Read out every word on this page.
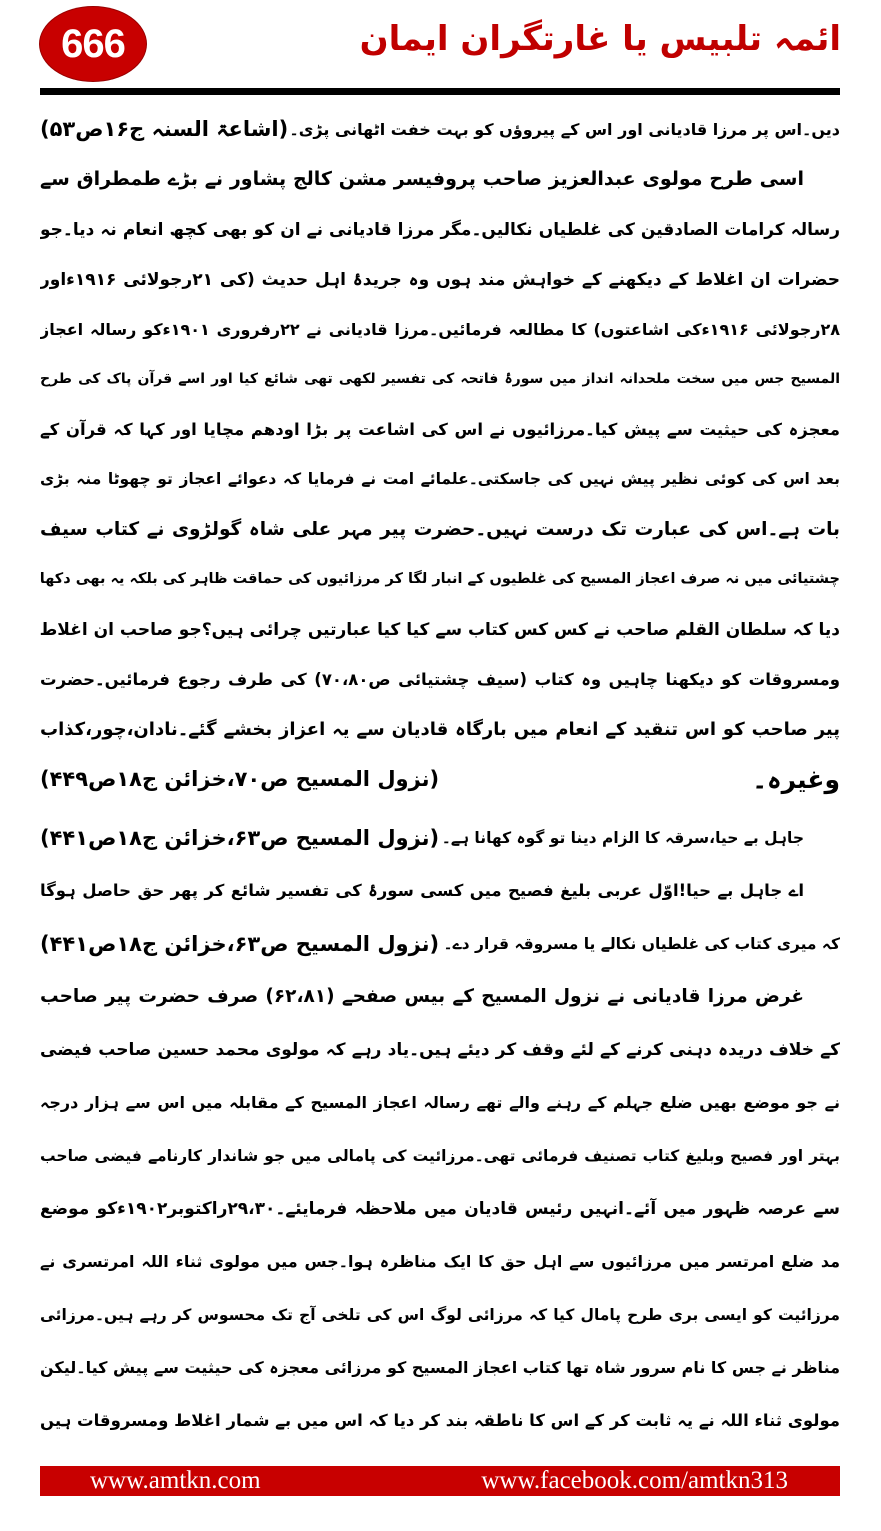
666	ائمہ تلبیس یا غارتگران ایمان
دیں۔اس پر مرزا قادیانی اور اس کے پیروؤں کو بہت خفت اٹھانی پڑی۔
(اشاعۃ السنہ ج۱۶ص۵۳)
اسی طرح مولوی عبدالعزیز صاحب پروفیسر مشن کالج پشاور نے بڑے طمطراق سے
رسالہ کرامات الصادقین کی غلطیاں نکالیں۔مگر مرزا قادیانی نے ان کو بھی کچھ انعام نہ دیا۔جو
حضرات ان اغلاط کے دیکھنے کے خواہش مند ہوں وہ جریدۂ اہل حدیث (کی ۲۱رجولائی ۱۹۱۶ءاور
۲۸رجولائی ۱۹۱۶ءکی اشاعتوں) کا مطالعہ فرمائیں۔مرزا قادیانی نے ۲۲رفروری ۱۹۰۱ءکو رسالہ اعجاز
المسیح جس میں سخت ملحدانہ انداز میں سورۂ فاتحہ کی تفسیر لکھی تھی شائع کیا اور اسے قرآن پاک کی طرح
معجزہ کی حیثیت سے پیش کیا۔مرزائیوں نے اس کی اشاعت پر بڑا اودھم مچایا اور کہا کہ قرآن کے
بعد اس کی کوئی نظیر پیش نہیں کی جاسکتی۔علمائے امت نے فرمایا کہ دعوائے اعجاز تو چھوٹا منہ بڑی
بات ہے۔اس کی عبارت تک درست نہیں۔حضرت پیر مہر علی شاہ گولڑوی نے کتاب سیف
چشتیائی میں نہ صرف اعجاز المسیح کی غلطیوں کے انبار لگا کر مرزائیوں کی حماقت ظاہر کی بلکہ یہ بھی دکھا
دیا کہ سلطان القلم صاحب نے کس کس کتاب سے کیا کیا عبارتیں چرائی ہیں؟جو صاحب ان اغلاط
ومسروقات کو دیکھنا چاہیں وہ کتاب (سیف چشتیائی ص۷۰،۸۰) کی طرف رجوع فرمائیں۔حضرت
پیر صاحب کو اس تنقید کے انعام میں بارگاہ قادیان سے یہ اعزاز بخشے گئے۔نادان،چور،کذاب
وغیرہ۔
(نزول المسیح ص۷۰،خزائن ج۱۸ص۴۴۹)
جاہل بے حیا،سرقہ کا الزام دینا تو گوہ کھانا ہے۔
(نزول المسیح ص۶۳،خزائن ج۱۸ص۴۴۱)
اے جاہل بے حیا!اوّل عربی بلیغ فصیح میں کسی سورۂ کی تفسیر شائع کر پھر حق حاصل ہوگا
کہ میری کتاب کی غلطیاں نکالے یا مسروقہ قرار دے۔
(نزول المسیح ص۶۳،خزائن ج۱۸ص۴۴۱)
غرض مرزا قادیانی نے نزول المسیح کے بیس صفحے (۶۲،۸۱) صرف حضرت پیر صاحب
کے خلاف دریدہ دہنی کرنے کے لئے وقف کر دیئے ہیں۔یاد رہے کہ مولوی محمد حسین صاحب فیضی
نے جو موضع بھیں ضلع جہلم کے رہنے والے تھے رسالہ اعجاز المسیح کے مقابلہ میں اس سے ہزار درجہ
بہتر اور فصیح وبلیغ کتاب تصنیف فرمائی تھی۔مرزائیت کی پامالی میں جو شاندار کارنامے فیضی صاحب
سے عرصہ ظہور میں آئے۔انہیں رئیس قادیان میں ملاحظہ فرمایئے۔۲۹،۳۰راکتوبر۱۹۰۲ءکو موضع
مد ضلع امرتسر میں مرزائیوں سے اہل حق کا ایک مناظرہ ہوا۔جس میں مولوی ثناء اللہ امرتسری نے
مرزائیت کو ایسی بری طرح پامال کیا کہ مرزائی لوگ اس کی تلخی آج تک محسوس کر رہے ہیں۔مرزائی
مناظر نے جس کا نام سرور شاہ تھا کتاب اعجاز المسیح کو مرزائی معجزہ کی حیثیت سے پیش کیا۔لیکن
مولوی ثناء اللہ نے یہ ثابت کر کے اس کا ناطقہ بند کر دیا کہ اس میں بے شمار اغلاط ومسروقات ہیں
www.amtkn.com	www.facebook.com/amtkn313
